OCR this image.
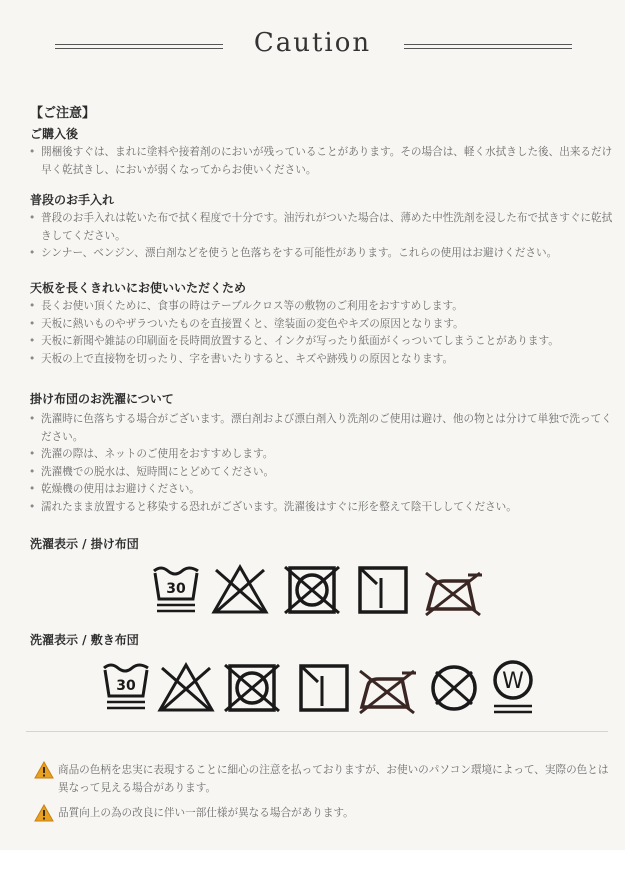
Caution
【ご注意】
ご購入後
• 開梱後すぐは、まれに塗料や接着剤のにおいが残っていることがあります。その場合は、軽く水拭きした後、出来るだけ早く乾拭きし、においが弱くなってからお使いください。
普段のお手入れ
• 普段のお手入れは乾いた布で拭く程度で十分です。油汚れがついた場合は、薄めた中性洗剤を浸した布で拭きすぐに乾拭きしてください。
• シンナー、ベンジン、漂白剤などを使うと色落ちをする可能性があります。これらの使用はお避けください。
天板を長くきれいにお使いいただくため
• 長くお使い頂くために、食事の時はテーブルクロス等の敷物のご利用をおすすめします。
• 天板に熱いものやザラついたものを直接置くと、塗装面の変色やキズの原因となります。
• 天板に新聞や雑誌の印刷面を長時間放置すると、インクが写ったり紙面がくっついてしまうことがあります。
• 天板の上で直接物を切ったり、字を書いたりすると、キズや跡残りの原因となります。
掛け布団のお洗濯について
• 洗濯時に色落ちする場合がございます。漂白剤および漂白剤入り洗剤のご使用は避け、他の物とは分けて単独で洗ってください。
• 洗濯の際は、ネットのご使用をおすすめします。
• 洗濯機での脱水は、短時間にとどめてください。
• 乾燥機の使用はお避けください。
• 濡れたまま放置すると移染する恐れがございます。洗濯後はすぐに形を整えて陰干ししてください。
洗濯表示 / 掛け布団
30
洗濯表示 / 敷き布団
30	W
商品の色柄を忠実に表現することに細心の注意を払っておりますが、お使いのパソコン環境によって、実際の色とは異なって見える場合があります。
品質向上の為の改良に伴い一部仕様が異なる場合があります。
